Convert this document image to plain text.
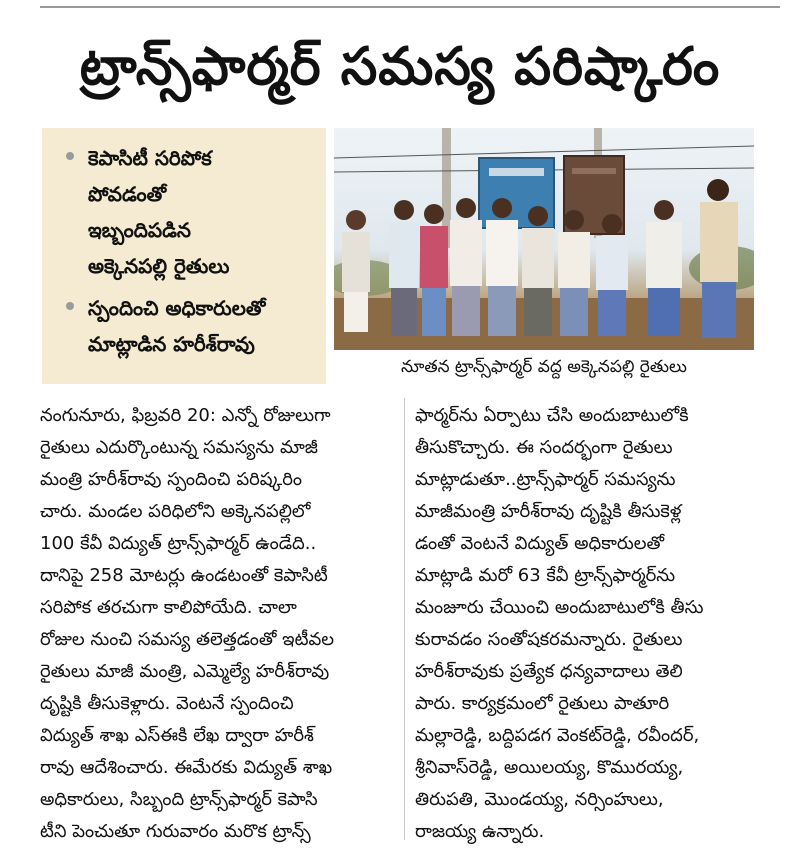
ట్రాన్స్‌ఫార్మర్ సమస్య పరిష్కారం
కెపాసిటీ సరిపోక
పోవడంతో
ఇబ్బందిపడిన
అక్కెనపల్లి రైతులు
స్పందించి అధికారులతో
మాట్లాడిన హరీశ్‌రావు
నూతన ట్రాన్స్‌ఫార్మర్ వద్ద అక్కెనపల్లి రైతులు
నంగునూరు, ఫిబ్రవరి 20: ఎన్నో రోజులుగా
రైతులు ఎదుర్కొంటున్న సమస్యను మాజీ
మంత్రి హరీశ్‌రావు స్పందించి పరిష్కరిం
చారు. మండల పరిధిలోని అక్కెనపల్లిలో
100 కేవీ విద్యుత్ ట్రాన్స్‌ఫార్మర్ ఉండేది..
దానిపై 258 మోటర్లు ఉండటంతో కెపాసిటీ
సరిపోక తరచుగా కాలిపోయేది. చాలా
రోజుల నుంచి సమస్య తలెత్తడంతో ఇటీవల
రైతులు మాజీ మంత్రి, ఎమ్మెల్యే హరీశ్‌రావు
దృష్టికి తీసుకెళ్లారు. వెంటనే స్పందించి
విద్యుత్ శాఖ ఎస్‌ఈకి లేఖ ద్వారా హరీశ్
రావు ఆదేశించారు. ఈమేరకు విద్యుత్ శాఖ
అధికారులు, సిబ్బంది ట్రాన్స్‌ఫార్మర్ కెపాసి
టీని పెంచుతూ గురువారం మరొక ట్రాన్స్
ఫార్మర్‌ను ఏర్పాటు చేసి అందుబాటులోకి
తీసుకొచ్చారు. ఈ సందర్భంగా రైతులు
మాట్లాడుతూ..ట్రాన్స్‌ఫార్మర్ సమస్యను
మాజీమంత్రి హరీశ్‌రావు దృష్టికి తీసుకెళ్ల
డంతో వెంటనే విద్యుత్ అధికారులతో
మాట్లాడి మరో 63 కేవీ ట్రాన్స్‌ఫార్మర్‌ను
మంజూరు చేయించి అందుబాటులోకి తీసు
కురావడం సంతోషకరమన్నారు. రైతులు
హరీశ్‌రావుకు ప్రత్యేక ధన్యవాదాలు తెలి
పారు. కార్యక్రమంలో రైతులు పాతూరి
మల్లారెడ్డి, బద్దిపడగ వెంకట్‌రెడ్డి, రవీందర్,
శ్రీనివాస్‌రెడ్డి, అయిలయ్య, కొమురయ్య,
తిరుపతి, మొండయ్య, నర్సింహులు,
రాజయ్య ఉన్నారు.
